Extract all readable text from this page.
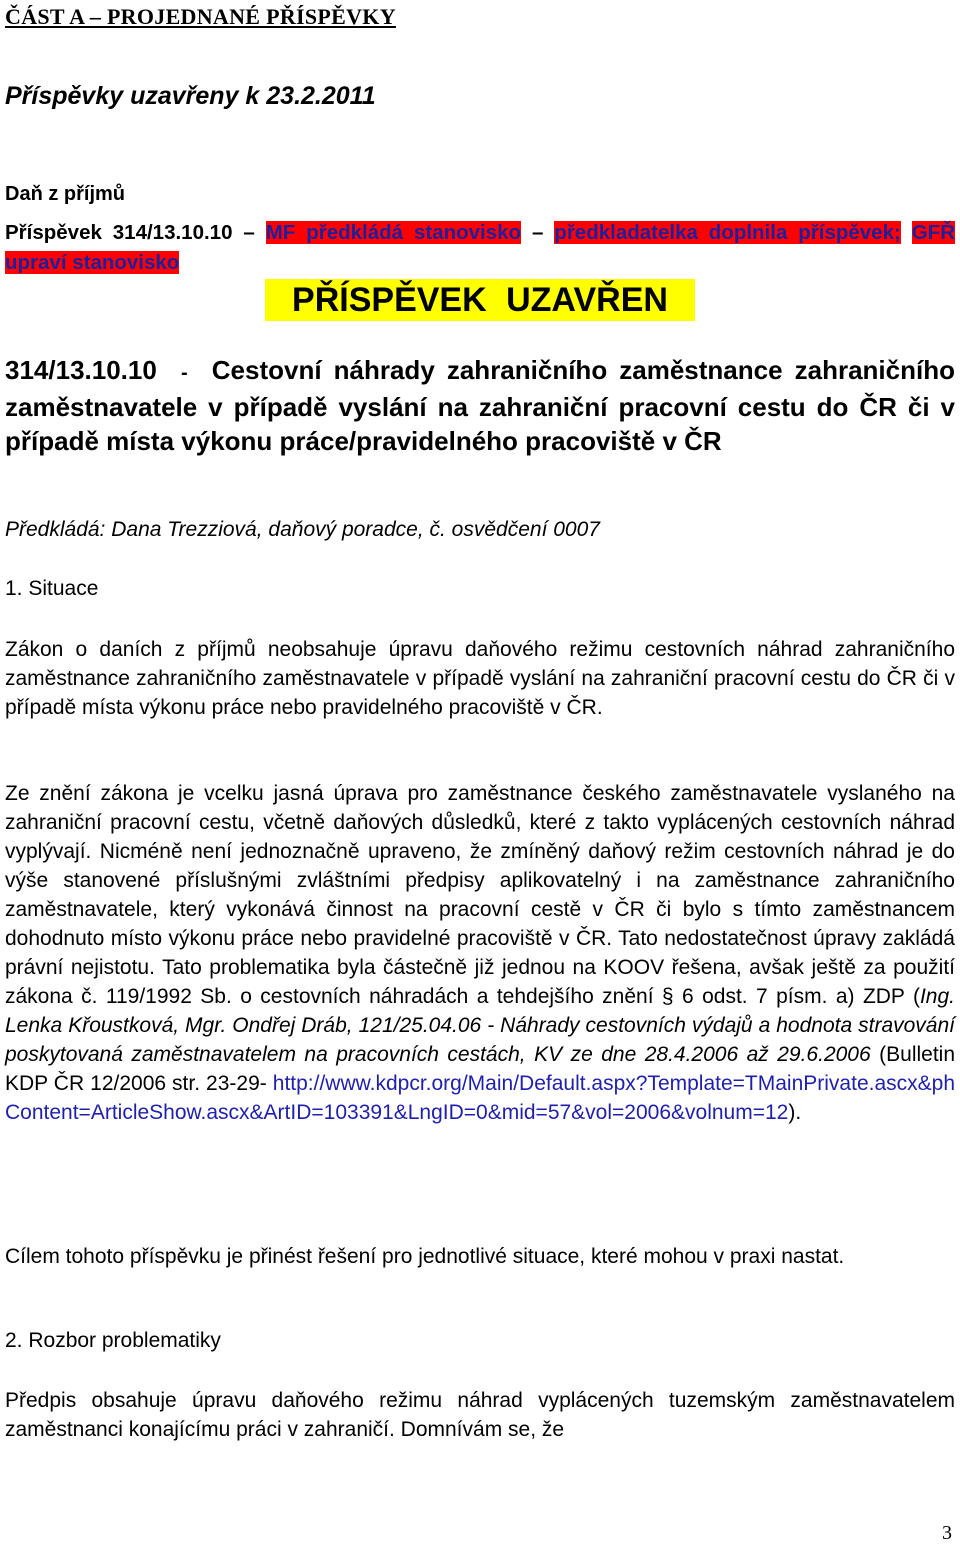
ČÁST A – PROJEDNANÉ PŘÍSPĚVKY
Příspěvky uzavřeny k 23.2.2011
Daň z příjmů
Příspěvek 314/13.10.10 – MF předkládá stanovisko – předkladatelka doplnila příspěvek; GFŘ upraví stanovisko
PŘÍSPĚVEK UZAVŘEN
314/13.10.10 - Cestovní náhrady zahraničního zaměstnance zahraničního zaměstnavatele v případě vyslání na zahraniční pracovní cestu do ČR či v případě místa výkonu práce/pravidelného pracoviště v ČR
Předkládá: Dana Trezziová, daňový poradce, č. osvědčení 0007
1. Situace

Zákon o daních z příjmů neobsahuje úpravu daňového režimu cestovních náhrad zahraničního zaměstnance zahraničního zaměstnavatele v případě vyslání na zahraniční pracovní cestu do ČR či v případě místa výkonu práce nebo pravidelného pracoviště v ČR.

Ze znění zákona je vcelku jasná úprava pro zaměstnance českého zaměstnavatele vyslaného na zahraniční pracovní cestu, včetně daňových důsledků, které z takto vyplácených cestovních náhrad vyplývají. Nicméně není jednoznačně upraveno, že zmíněný daňový režim cestovních náhrad je do výše stanovené příslušnými zvláštními předpisy aplikovatelný i na zaměstnance zahraničního zaměstnavatele, který vykonává činnost na pracovní cestě v ČR či bylo s tímto zaměstnancem dohodnuto místo výkonu práce nebo pravidelné pracoviště v ČR. Tato nedostatečnost úpravy zakládá právní nejistotu. Tato problematika byla částečně již jednou na KOOV řešena, avšak ještě za použití zákona č. 119/1992 Sb. o cestovních náhradách a tehdejšího znění § 6 odst. 7 písm. a) ZDP (Ing. Lenka Křoustková, Mgr. Ondřej Dráb, 121/25.04.06 - Náhrady cestovních výdajů a hodnota stravování poskytovaná zaměstnavatelem na pracovních cestách, KV ze dne 28.4.2006 až 29.6.2006 (Bulletin KDP ČR 12/2006 str. 23-29- http://www.kdpcr.org/Main/Default.aspx?Template=TMainPrivate.ascx&phContent=ArticleShow.ascx&ArtID=103391&LngID=0&mid=57&vol=2006&volnum=12).

Cílem tohoto příspěvku je přinést řešení pro jednotlivé situace, které mohou v praxi nastat.

2. Rozbor problematiky

Předpis obsahuje úpravu daňového režimu náhrad vyplácených tuzemským zaměstnavatelem zaměstnanci konajícímu práci v zahraničí. Domnívám se, že

3
